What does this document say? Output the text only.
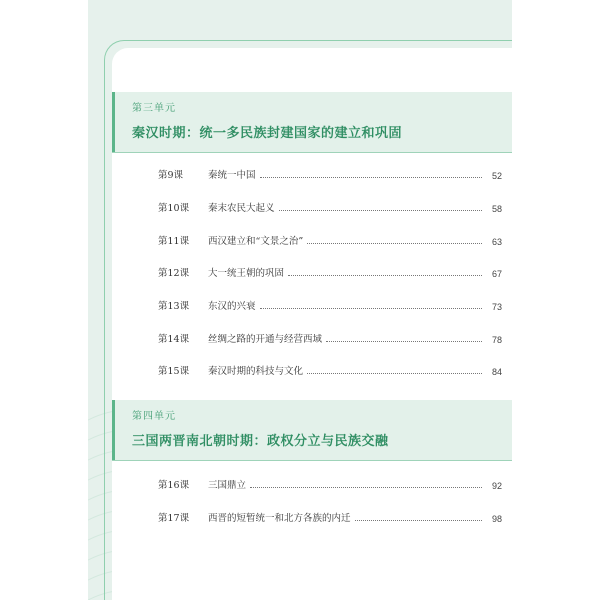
第三单元
秦汉时期：统一多民族封建国家的建立和巩固
第9课	秦统一中国	52
第10课	秦末农民大起义	58
第11课	西汉建立和“文景之治”	63
第12课	大一统王朝的巩固	67
第13课	东汉的兴衰	73
第14课	丝绸之路的开通与经营西域	78
第15课	秦汉时期的科技与文化	84
第四单元
三国两晋南北朝时期：政权分立与民族交融
第16课	三国鼎立	92
第17课	西晋的短暂统一和北方各族的内迁	98
